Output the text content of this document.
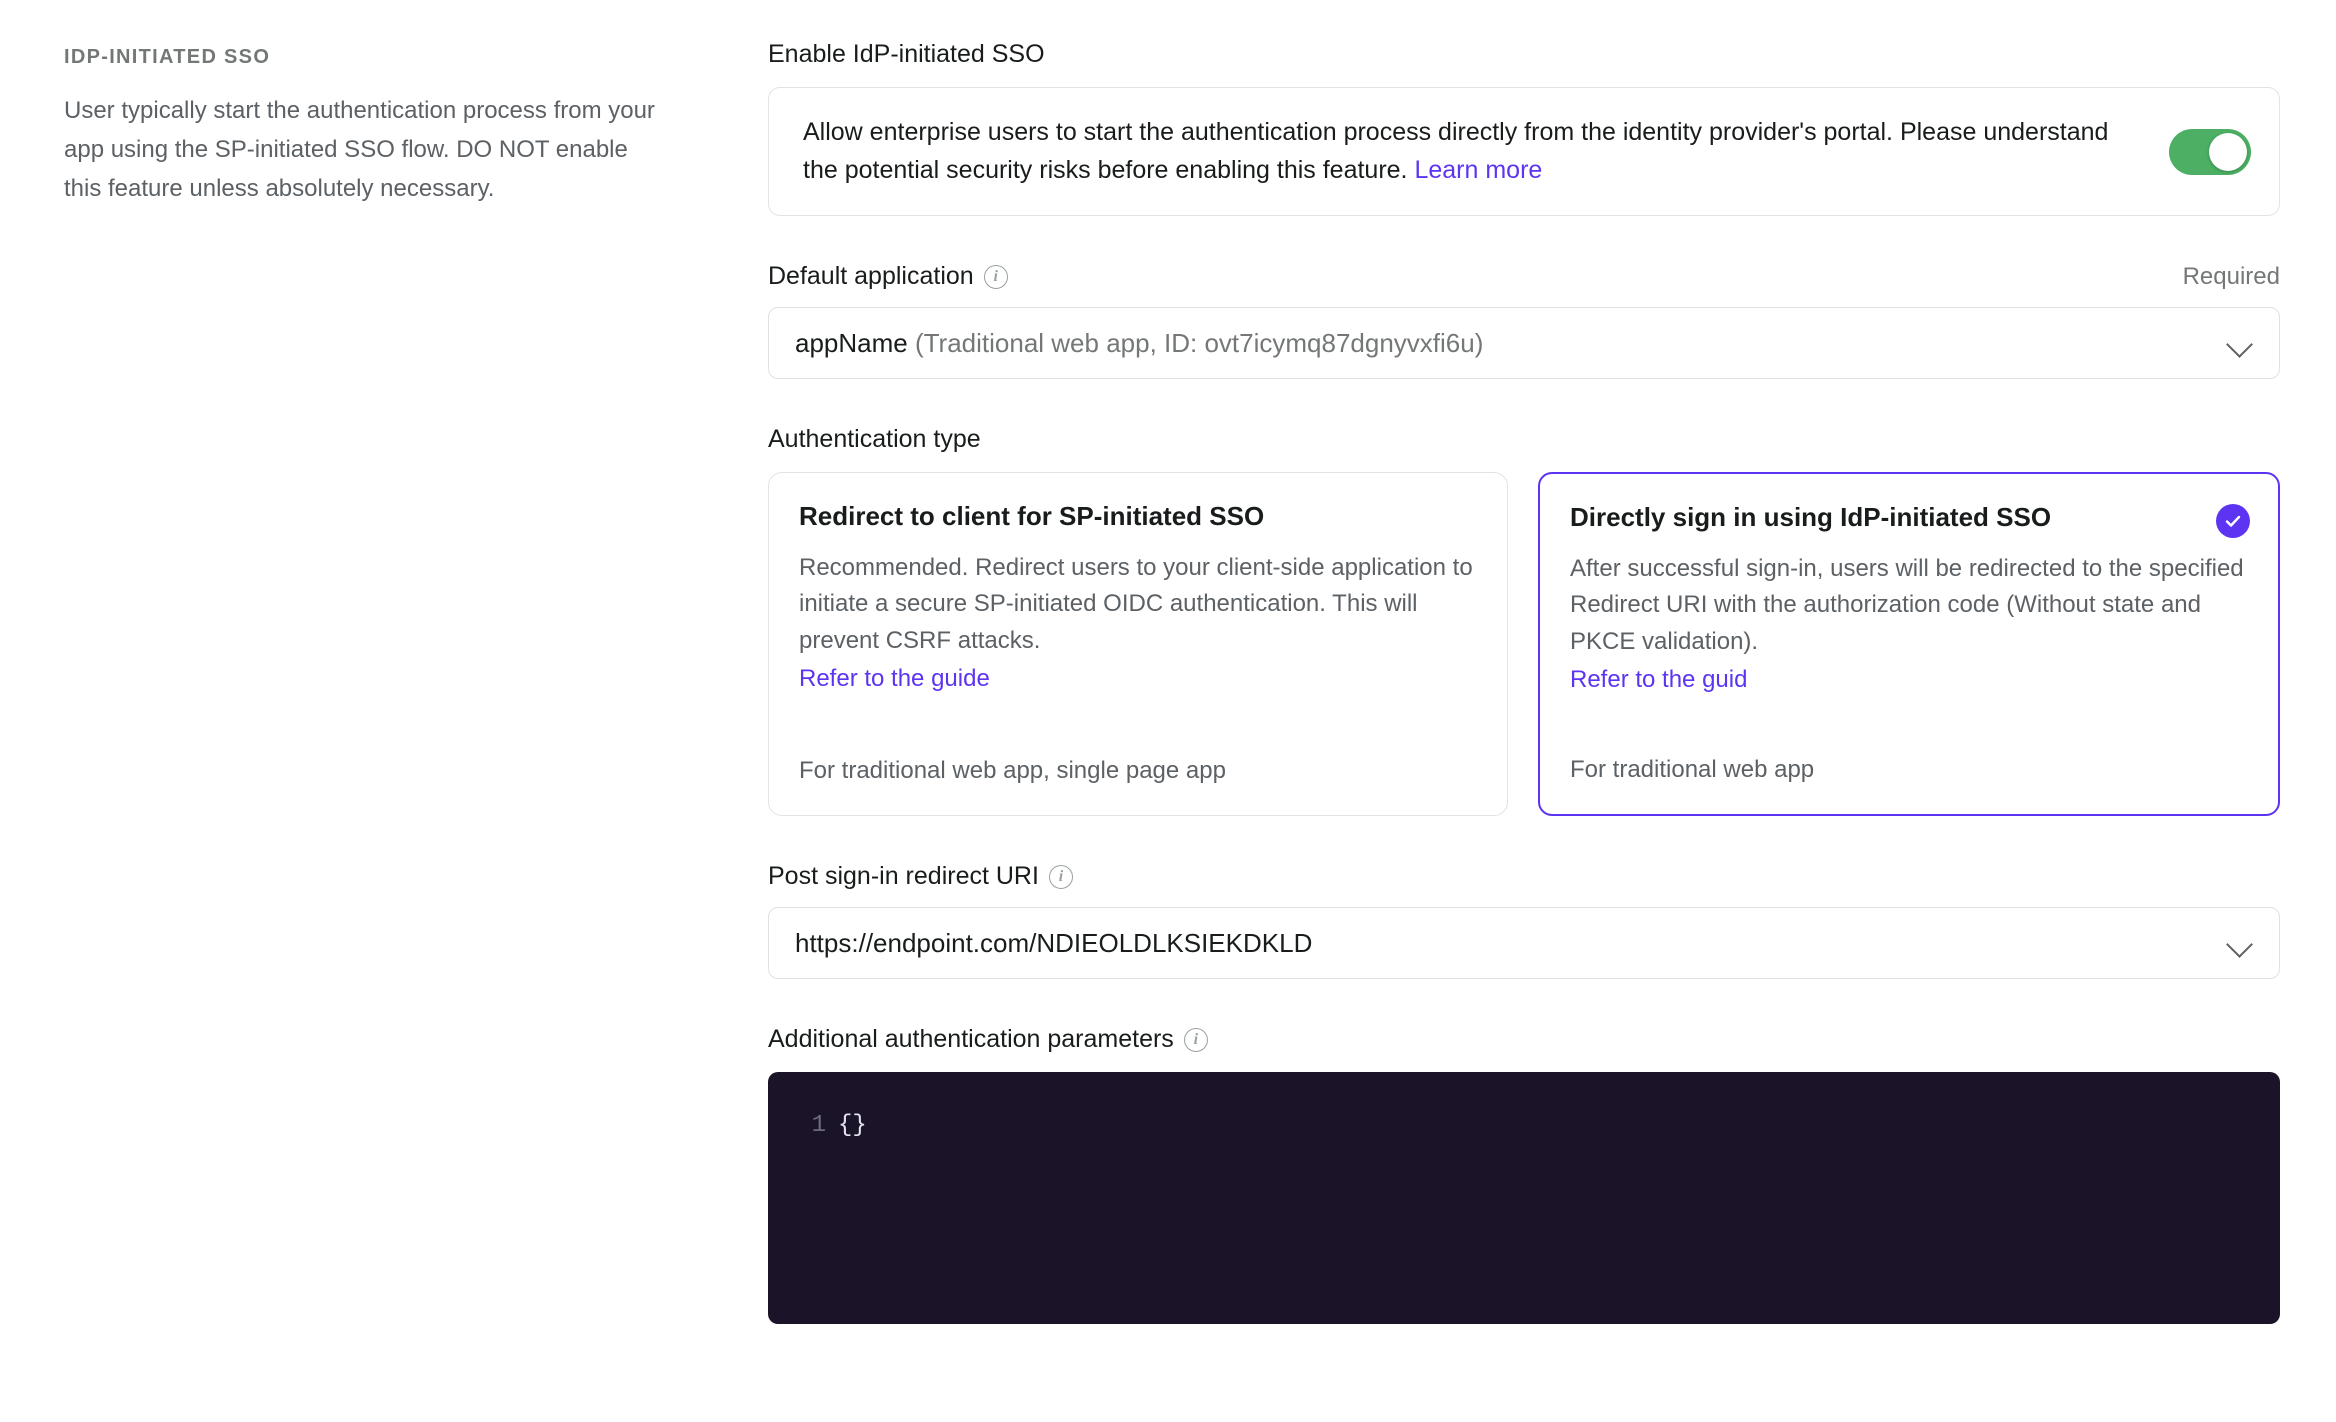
IDP-INITIATED SSO
User typically start the authentication process from your app using the SP-initiated SSO flow. DO NOT enable this feature unless absolutely necessary.
Enable IdP-initiated SSO
Allow enterprise users to start the authentication process directly from the identity provider's portal. Please understand the potential security risks before enabling this feature. Learn more
Default application	i	Required
appName (Traditional web app, ID: ovt7icymq87dgnyvxfi6u)
Authentication type
Redirect to client for SP-initiated SSO
Recommended. Redirect users to your client-side application to initiate a secure SP-initiated OIDC authentication. This will prevent CSRF attacks.
Refer to the guide
For traditional web app, single page app
Directly sign in using IdP-initiated SSO
After successful sign-in, users will be redirected to the specified Redirect URI with the authorization code (Without state and PKCE validation).
Refer to the guid
For traditional web app
Post sign-in redirect URI	i
https://endpoint.com/NDIEOLDLKSIEKDKLD
Additional authentication parameters	i
1 {}
